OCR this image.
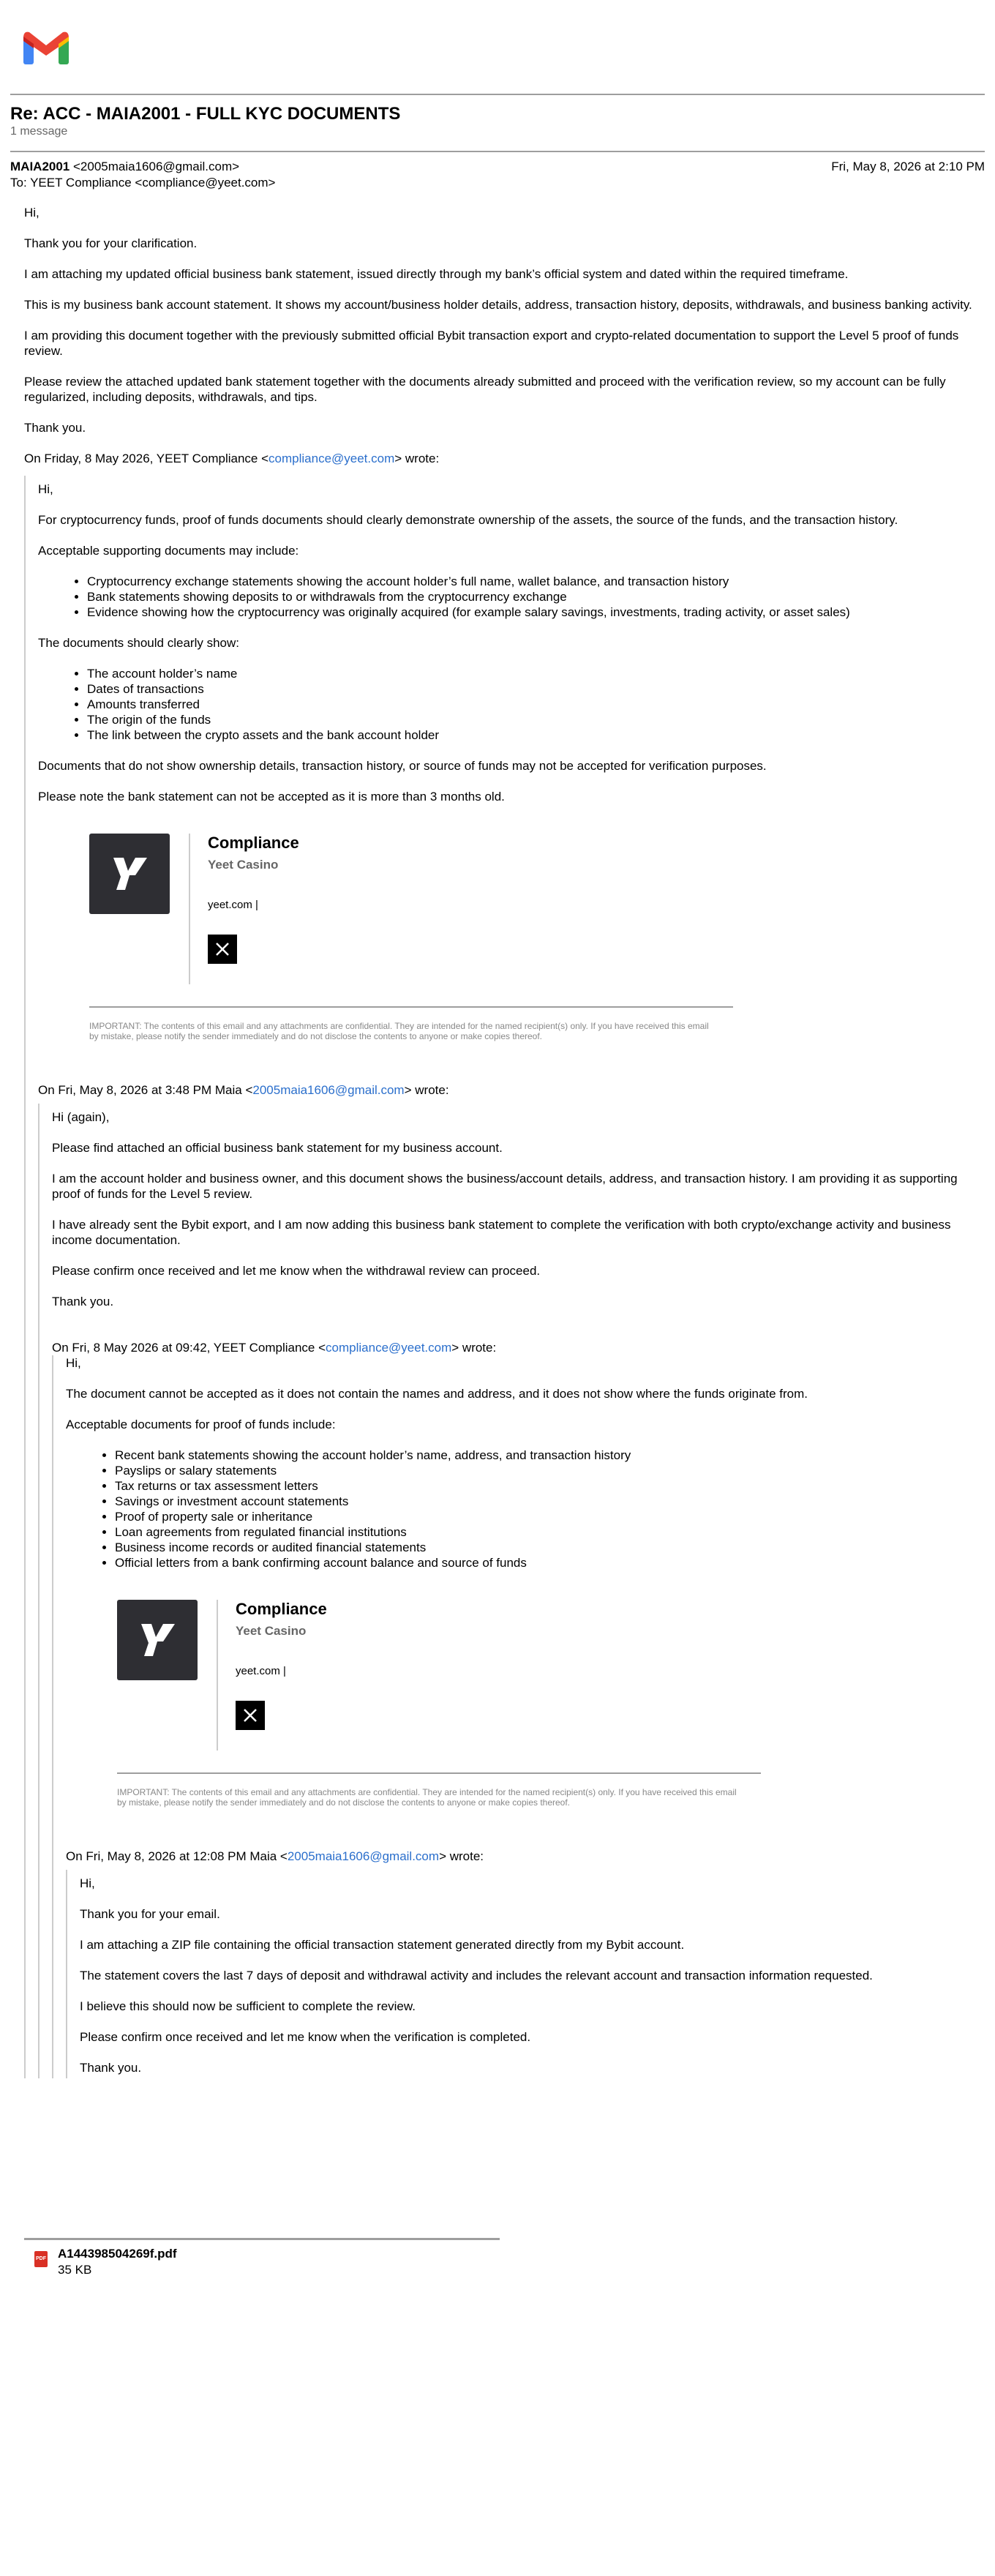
Re: ACC - MAIA2001 - FULL KYC DOCUMENTS
1 message
MAIA2001 <2005maia1606@gmail.com>	Fri, May 8, 2026 at 2:10 PM
To: YEET Compliance <compliance@yeet.com>

Hi,

Thank you for your clarification.

I am attaching my updated official business bank statement, issued directly through my bank’s official system and dated within the required timeframe.

This is my business bank account statement. It shows my account/business holder details, address, transaction history, deposits, withdrawals, and business banking activity.

I am providing this document together with the previously submitted official Bybit transaction export and crypto-related documentation to support the Level 5 proof of funds review.

Please review the attached updated bank statement together with the documents already submitted and proceed with the verification review, so my account can be fully regularized, including deposits, withdrawals, and tips.

Thank you.

On Friday, 8 May 2026, YEET Compliance <compliance@yeet.com> wrote:

Hi,

For cryptocurrency funds, proof of funds documents should clearly demonstrate ownership of the assets, the source of the funds, and the transaction history.

Acceptable supporting documents may include:

• Cryptocurrency exchange statements showing the account holder’s full name, wallet balance, and transaction history
• Bank statements showing deposits to or withdrawals from the cryptocurrency exchange
• Evidence showing how the cryptocurrency was originally acquired (for example salary savings, investments, trading activity, or asset sales)

The documents should clearly show:

• The account holder’s name
• Dates of transactions
• Amounts transferred
• The origin of the funds
• The link between the crypto assets and the bank account holder

Documents that do not show ownership details, transaction history, or source of funds may not be accepted for verification purposes.

Please note the bank statement can not be accepted as it is more than 3 months old.

Compliance
Yeet Casino
yeet.com |
IMPORTANT: The contents of this email and any attachments are confidential. They are intended for the named recipient(s) only. If you have received this email by mistake, please notify the sender immediately and do not disclose the contents to anyone or make copies thereof.

On Fri, May 8, 2026 at 3:48 PM Maia <2005maia1606@gmail.com> wrote:

Hi (again),

Please find attached an official business bank statement for my business account.

I am the account holder and business owner, and this document shows the business/account details, address, and transaction history. I am providing it as supporting proof of funds for the Level 5 review.

I have already sent the Bybit export, and I am now adding this business bank statement to complete the verification with both crypto/exchange activity and business income documentation.

Please confirm once received and let me know when the withdrawal review can proceed.

Thank you.

On Fri, 8 May 2026 at 09:42, YEET Compliance <compliance@yeet.com> wrote:

Hi,

The document cannot be accepted as it does not contain the names and address, and it does not show where the funds originate from.

Acceptable documents for proof of funds include:

• Recent bank statements showing the account holder’s name, address, and transaction history
• Payslips or salary statements
• Tax returns or tax assessment letters
• Savings or investment account statements
• Proof of property sale or inheritance
• Loan agreements from regulated financial institutions
• Business income records or audited financial statements
• Official letters from a bank confirming account balance and source of funds
Compliance
Yeet Casino
yeet.com |
IMPORTANT: The contents of this email and any attachments are confidential. They are intended for the named recipient(s) only. If you have received this email by mistake, please notify the sender immediately and do not disclose the contents to anyone or make copies thereof.

On Fri, May 8, 2026 at 12:08 PM Maia <2005maia1606@gmail.com> wrote:

Hi,

Thank you for your email.

I am attaching a ZIP file containing the official transaction statement generated directly from my Bybit account.

The statement covers the last 7 days of deposit and withdrawal activity and includes the relevant account and transaction information requested.

I believe this should now be sufficient to complete the review.

Please confirm once received and let me know when the verification is completed.

Thank you.

PDF A144398504269f.pdf
35 KB
